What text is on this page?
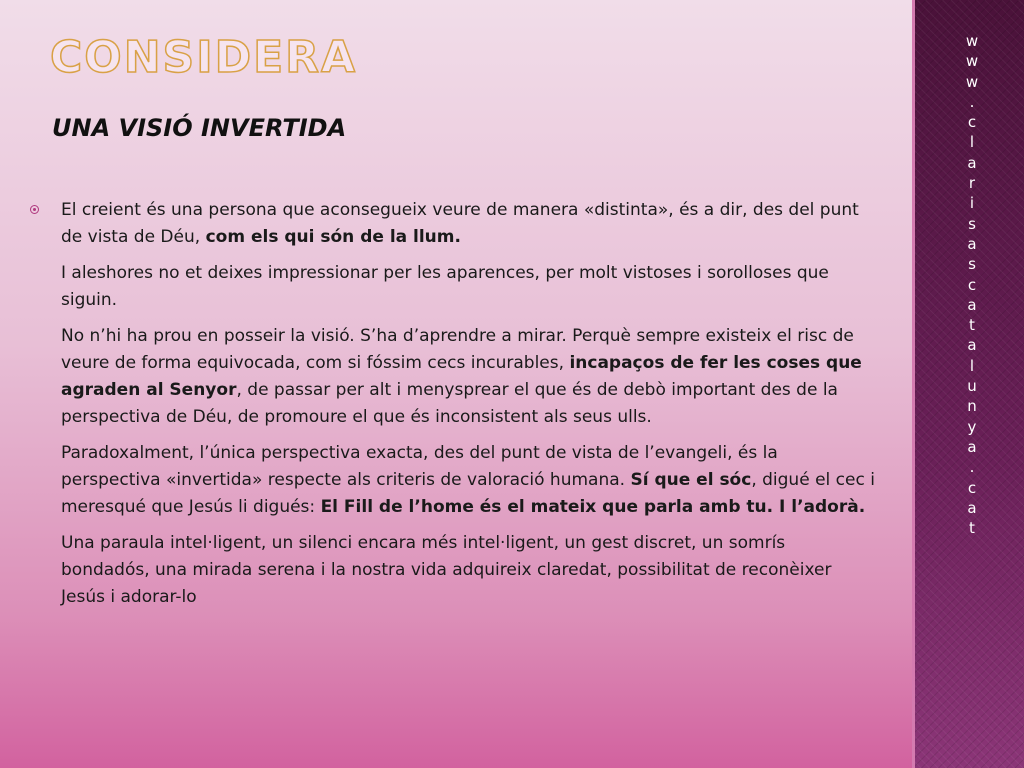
CONSIDERA
UNA VISIÓ INVERTIDA

El creient és una persona que aconsegueix veure de manera «distinta», és a dir, des del punt de vista de Déu, com els qui són de la llum.

I aleshores no et deixes impressionar per les aparences, per molt vistoses i sorolloses que siguin.

No n’hi ha prou en posseir la visió. S’ha d’aprendre a mirar. Perquè sempre existeix el risc de veure de forma equivocada, com si fóssim cecs incurables, incapaços de fer les coses que agraden al Senyor, de passar per alt i menysprear el que és de debò important des de la perspectiva de Déu, de promoure el que és inconsistent als seus ulls.

Paradoxalment, l’única perspectiva exacta, des del punt de vista de l’evangeli, és la perspectiva «invertida» respecte als criteris de valoració humana. Sí que el sóc, digué el cec i meresqué que Jesús li digués: El Fill de l’home és el mateix que parla amb tu. I l’adorà.

Una paraula intel·ligent, un silenci encara més intel·ligent, un gest discret, un somrís bondadós, una mirada serena i la nostra vida adquireix claredat, possibilitat de reconèixer Jesús i adorar-lo

w
w
w
.
c
l
a
r
i
s
a
s
c
a
t
a
l
u
n
y
a
.
c
a
t
